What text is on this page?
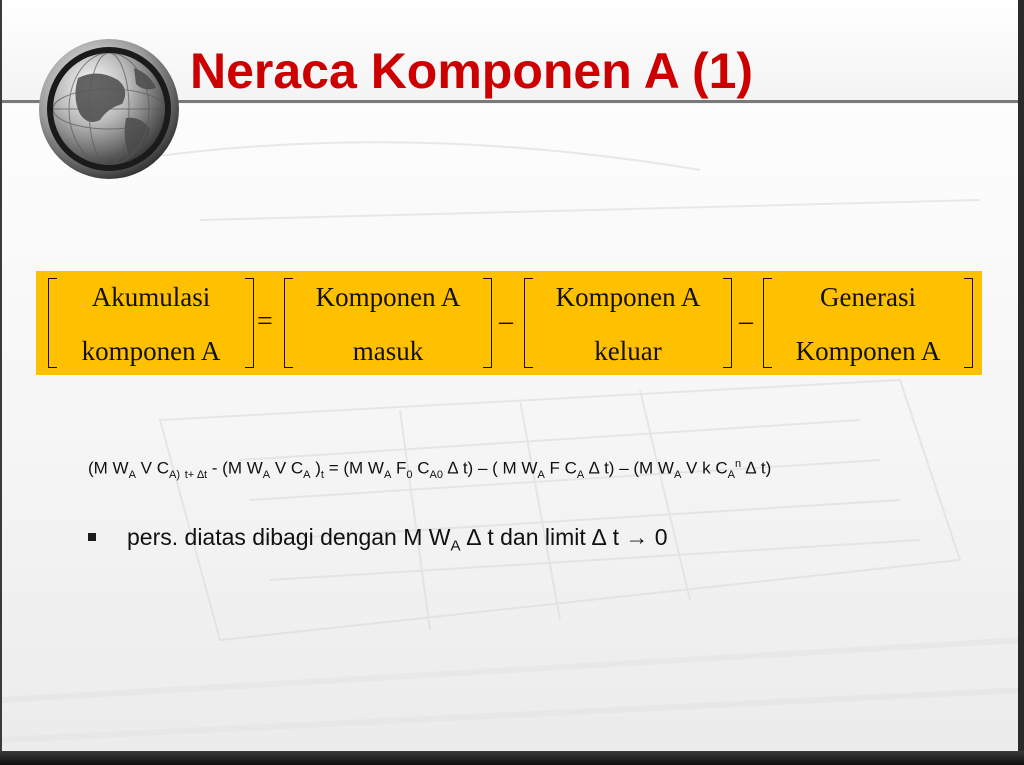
Neraca Komponen A (1)
Akumulasi
komponen A
=
Komponen A
masuk
–
Komponen A
keluar
–
Generasi
Komponen A

(M $W_A$ V $C_{A)}$ $_{t+ \Delta t}$ - (M $W_A$ V $C_A$ )$_t = (M$ $W_A$ $F_0$ $C_{A0}$ ∆ t) – ( M $W_A$ F $C_A$ ∆ t) – (M $W_A$ V k $C_A^n$ ∆ t)

pers. diatas dibagi dengan M $W_A$ ∆ t dan limit ∆ t → 0
